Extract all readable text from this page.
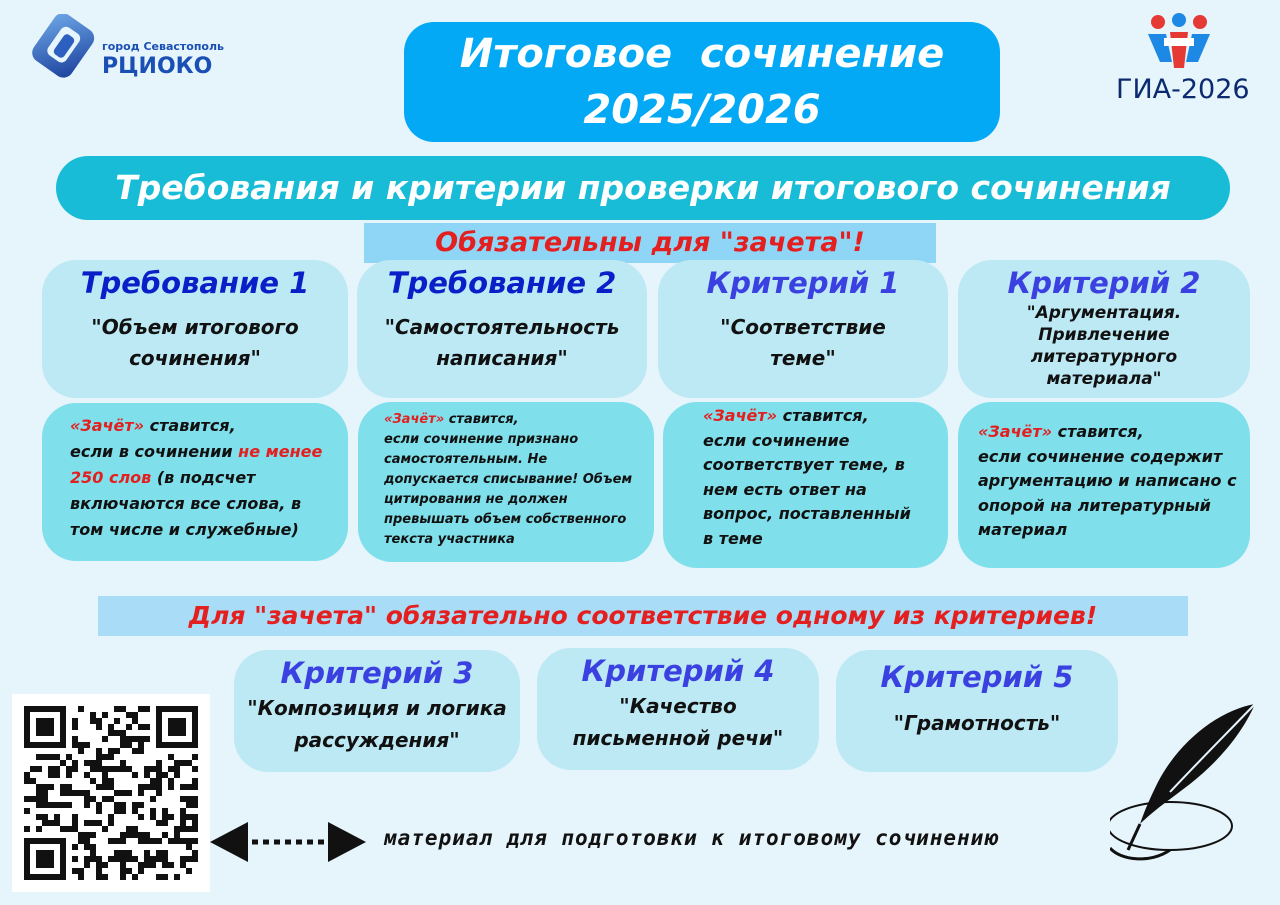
город Севастополь
РЦИОКО
ГИА-2026
Итоговое  сочинение
2025/2026
Требования и критерии проверки итогового сочинения
Обязательны для "зачета"!
Требование 1
"Объем итогового сочинения"
Требование 2
"Самостоятельность написания"
Критерий 1
"Соответствие теме"
Критерий 2
"Аргументация. Привлечение литературного материала"
«Зачёт» ставится,
если в сочинении не менее 250 слов (в подсчет включаются все слова, в том числе и служебные)
«Зачёт» ставится,
если сочинение признано самостоятельным. Не допускается списывание! Объем цитирования не должен превышать объем собственного текста участника
«Зачёт» ставится,
если сочинение соответствует теме, в нем есть ответ на вопрос, поставленный в теме
«Зачёт» ставится,
если сочинение содержит аргументацию и написано с опорой на литературный материал
Для "зачета" обязательно соответствие одному из критериев!
Критерий 3
"Композиция и логика рассуждения"
Критерий 4
"Качество письменной речи"
Критерий 5
"Грамотность"
материал для подготовки к итоговому сочинению
